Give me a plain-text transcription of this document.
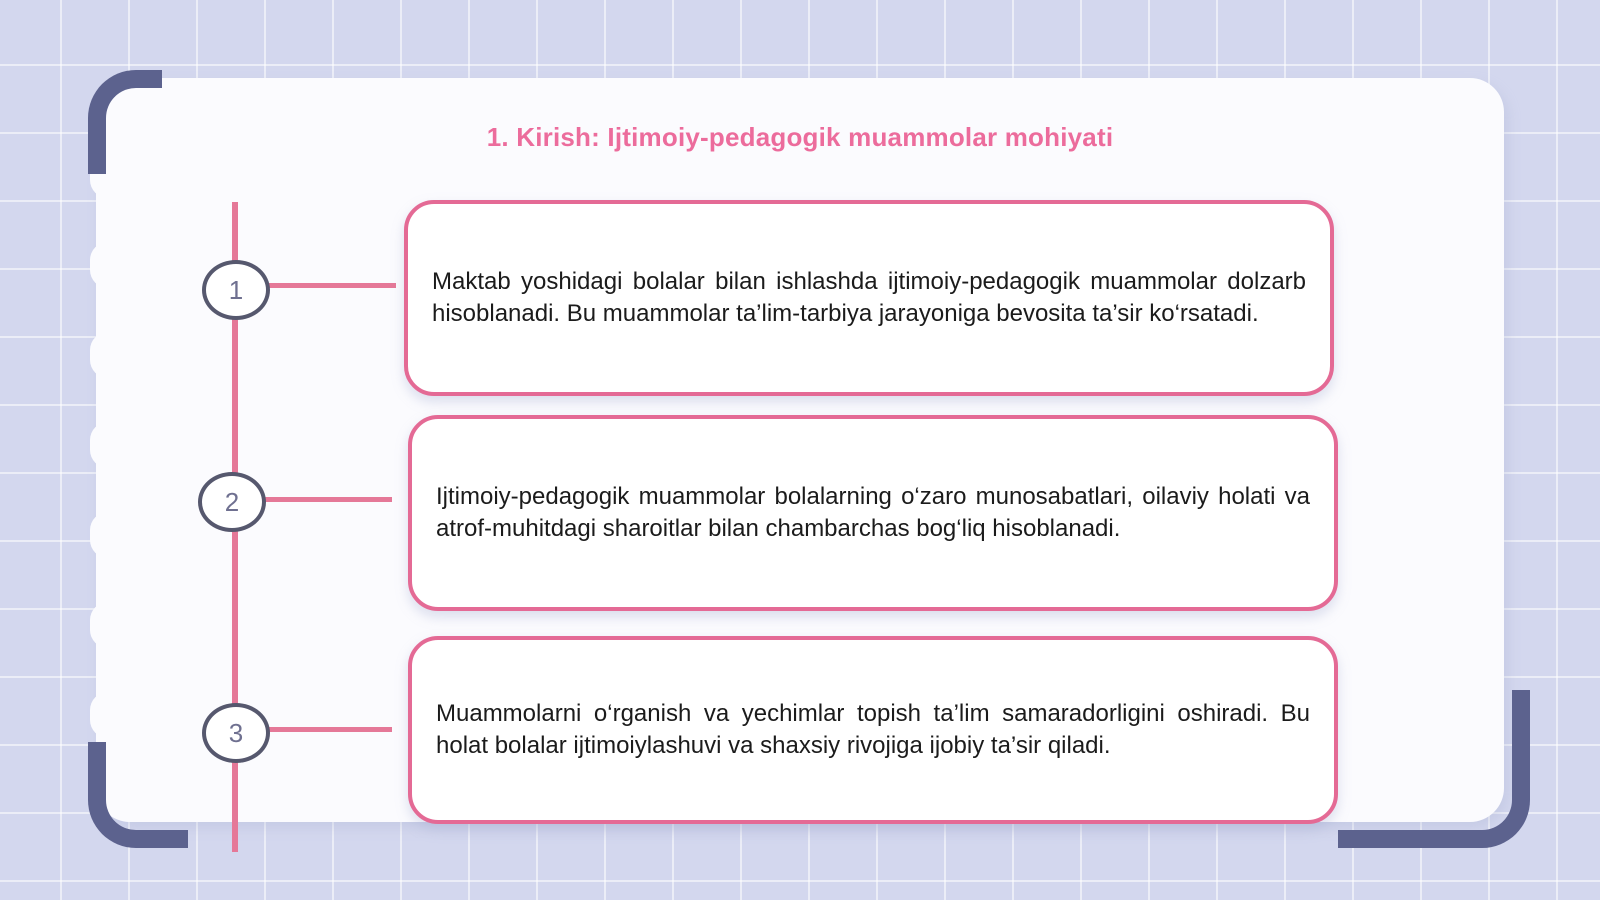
1. Kirish: Ijtimoiy-pedagogik muammolar mohiyati
1
2
3

Maktab yoshidagi bolalar bilan ishlashda ijtimoiy-pedagogik muammolar dolzarb hisoblanadi. Bu muammolar ta’lim-tarbiya jarayoniga bevosita ta’sir ko‘rsatadi.

Ijtimoiy-pedagogik muammolar bolalarning o‘zaro munosabatlari, oilaviy holati va atrof-muhitdagi sharoitlar bilan chambarchas bog‘liq hisoblanadi.

Muammolarni o‘rganish va yechimlar topish ta’lim samaradorligini oshiradi. Bu holat bolalar ijtimoiylashuvi va shaxsiy rivojiga ijobiy ta’sir qiladi.
